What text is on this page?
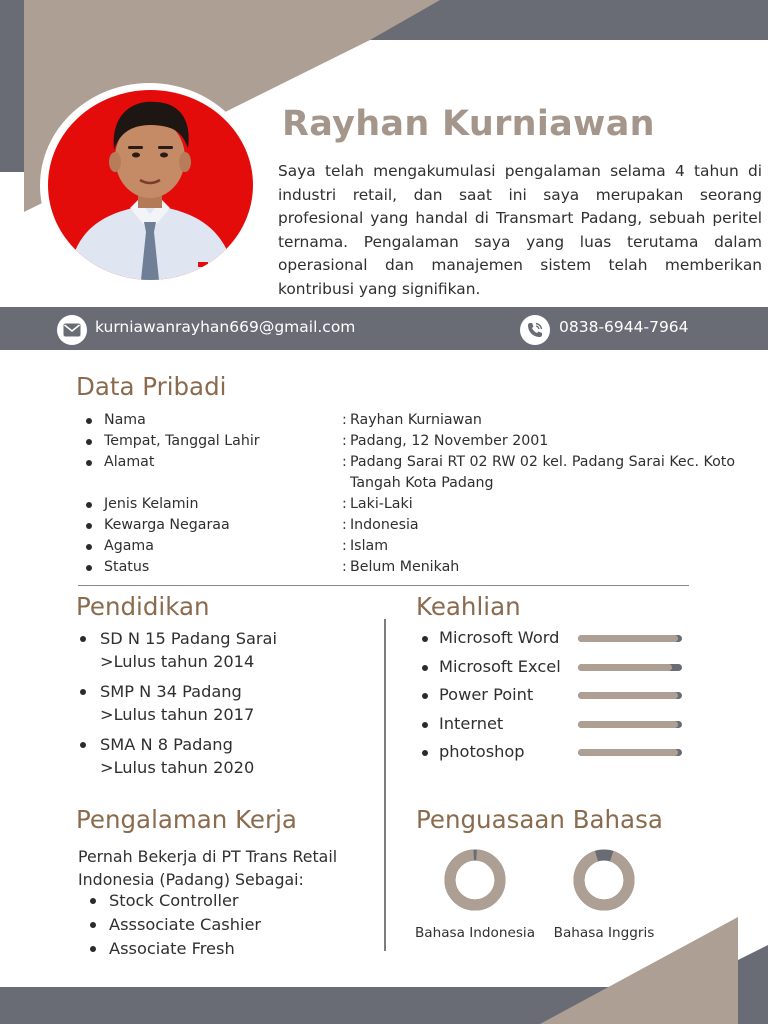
Rayhan Kurniawan

Saya telah mengakumulasi pengalaman selama 4 tahun di industri retail, dan saat ini saya merupakan seorang profesional yang handal di Transmart Padang, sebuah peritel ternama. Pengalaman saya yang luas terutama dalam operasional dan manajemen sistem telah memberikan kontribusi yang signifikan.

kurniawanrayhan669@gmail.com	0838-6944-7964
Data Pribadi
Nama	: Rayhan Kurniawan
Tempat, Tanggal Lahir	: Padang, 12 November 2001
Alamat	: Padang Sarai RT 02 RW 02 kel. Padang Sarai Kec. Koto Tangah Kota Padang
Jenis Kelamin	: Laki-Laki
Kewarga Negaraa	: Indonesia
Agama	: Islam
Status	: Belum Menikah
Pendidikan
SD N 15 Padang Sarai
>Lulus tahun 2014
SMP N 34 Padang
>Lulus tahun 2017
SMA N 8 Padang
>Lulus tahun 2020
Keahlian
Microsoft Word
Microsoft Excel
Power Point
Internet
photoshop
Pengalaman Kerja

Pernah Bekerja di PT Trans Retail Indonesia (Padang) Sebagai:

Stock Controller
Asssociate Cashier
Associate Fresh
Penguasaan Bahasa
Bahasa Indonesia	Bahasa Inggris
